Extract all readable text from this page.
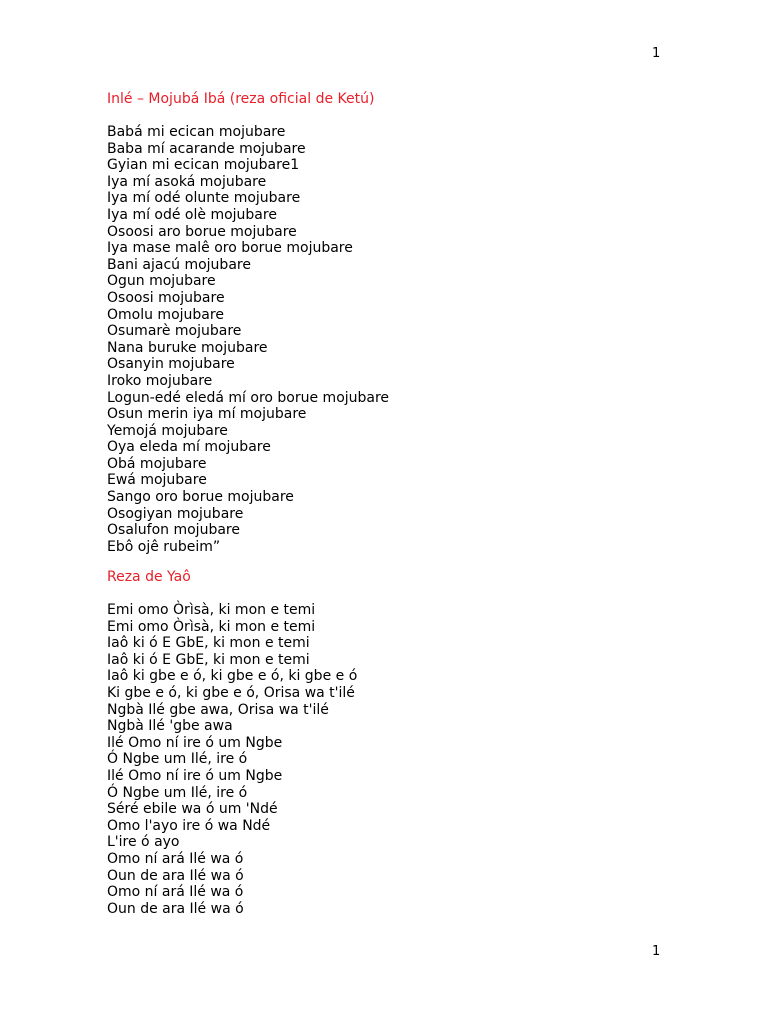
1
Inlé – Mojubá Ibá (reza oficial de Ketú)
Babá mi ecican mojubare
Baba mí acarande mojubare
Gyian mi ecican mojubare1
Iya mí asoká mojubare
Iya mí odé olunte mojubare
Iya mí odé olè mojubare
Osoosi aro borue mojubare
Iya mase malê oro borue mojubare
Bani ajacú mojubare
Ogun mojubare
Osoosi mojubare
Omolu mojubare
Osumarè mojubare
Nana buruke mojubare
Osanyin mojubare
Iroko mojubare
Logun-edé eledá mí oro borue mojubare
Osun merin iya mí mojubare
Yemojá mojubare
Oya eleda mí mojubare
Obá mojubare
Ewá mojubare
Sango oro borue mojubare
Osogiyan mojubare
Osalufon mojubare
Ebô ojê rubeim”
Reza de Yaô
Emi omo Òrìsà, ki mon e temi
Emi omo Òrìsà, ki mon e temi
Iaô ki ó E GbE, ki mon e temi
Iaô ki ó E GbE, ki mon e temi
Iaô ki gbe e ó, ki gbe e ó, ki gbe e ó
Ki gbe e ó, ki gbe e ó, Orisa wa t'ilé
Ngbà Ilé gbe awa, Orisa wa t'ilé
Ngbà Ilé 'gbe awa
Ilé Omo ní ire ó um Ngbe
Ó Ngbe um Ilé, ire ó
Ilé Omo ní ire ó um Ngbe
Ó Ngbe um Ilé, ire ó
Séré ebile wa ó um 'Ndé
Omo l'ayo ire ó wa Ndé
L'ire ó ayo
Omo ní ará Ilé wa ó
Oun de ara Ilé wa ó
Omo ní ará Ilé wa ó
Oun de ara Ilé wa ó
1
